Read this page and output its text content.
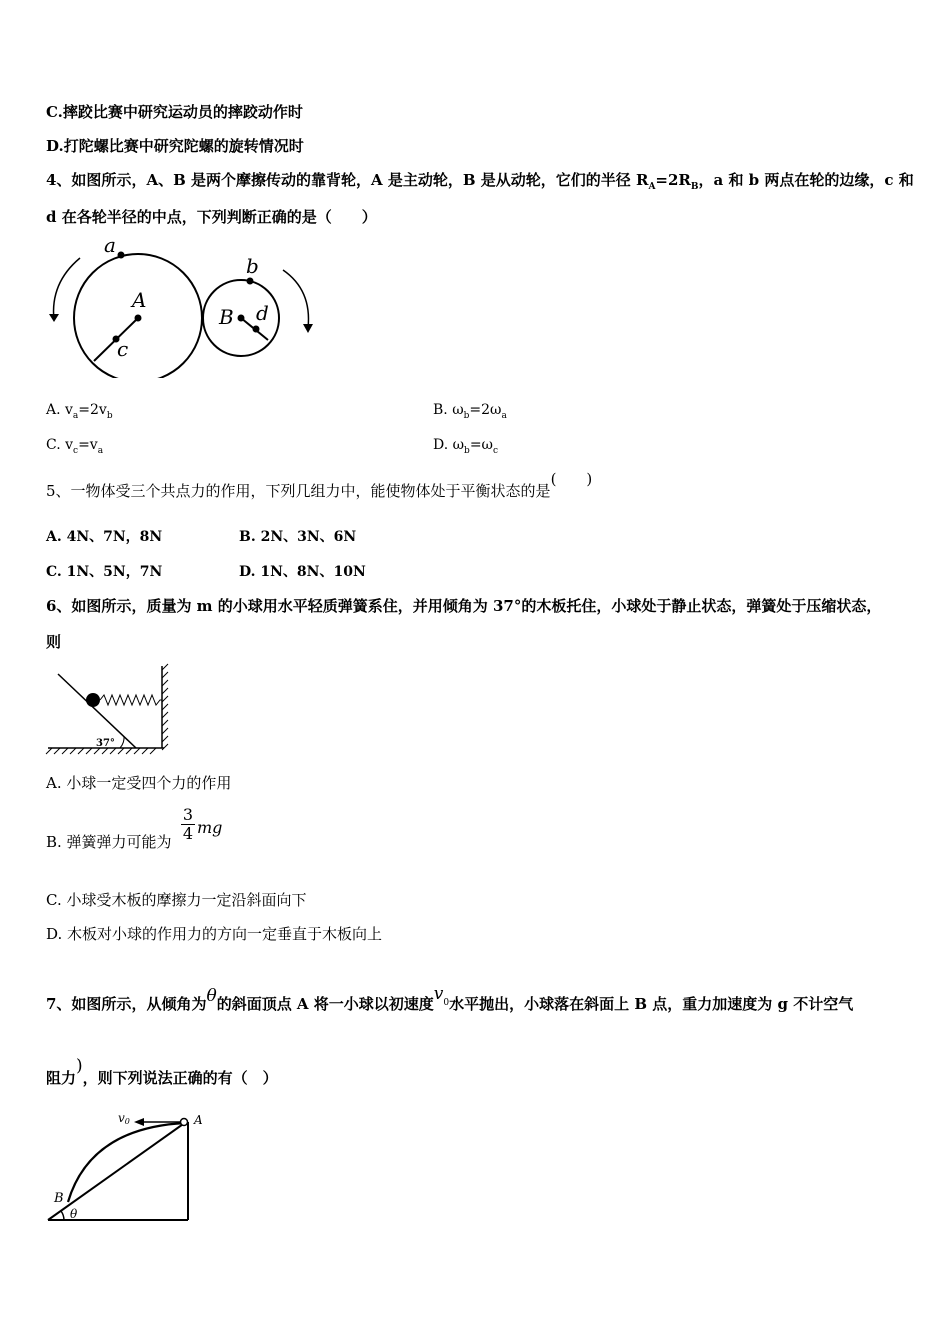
C.摔跤比赛中研究运动员的摔跤动作时
D.打陀螺比赛中研究陀螺的旋转情况时
4、如图所示，A、B 是两个摩擦传动的靠背轮，A 是主动轮，B 是从动轮，它们的半径 $R_A=2R_B$，a 和 b 两点在轮的边缘，c 和
d 在各轮半径的中点，下列判断正确的是（　　）
a
A
c
b
B d
A. $v_a=2v_b$	B. $\omega_b=2\omega_a$
C. $v_c=v_a$	D. $\omega_b=\omega_c$
5、一物体受三个共点力的作用，下列几组力中，能使物体处于平衡状态的是(　　)
A. 4N、7N，8N	B. 2N、3N、6N
C. 1N、5N，7N	D. 1N、8N、10N
6、如图所示，质量为 m 的小球用水平轻质弹簧系住，并用倾角为 37°的木板托住，小球处于静止状态，弹簧处于压缩状态，
则
37°
A. 小球一定受四个力的作用
B. 弹簧弹力可能为 $\frac{3}{4}$ mg
C. 小球受木板的摩擦力一定沿斜面向下
D. 木板对小球的作用力的方向一定垂直于木板向上
7、如图所示，从倾角为θ的斜面顶点 A 将一小球以初速度$v_0$水平抛出，小球落在斜面上 B 点，重力加速度为 g 不计空气
阻力)，则下列说法正确的有（　）
v0	A
B
θ
